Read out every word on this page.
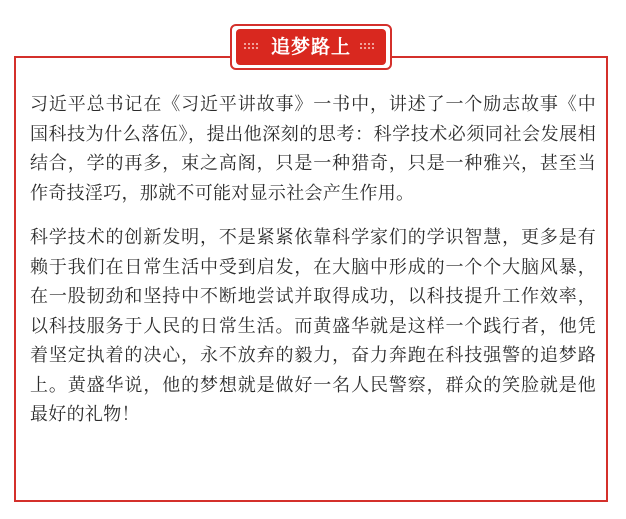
追梦路上

习近平总书记在《习近平讲故事》一书中，讲述了一个励志故事《中国科技为什么落伍》，提出他深刻的思考：科学技术必须同社会发展相结合，学的再多，束之高阁，只是一种猎奇，只是一种雅兴，甚至当作奇技淫巧，那就不可能对显示社会产生作用。

科学技术的创新发明，不是紧紧依靠科学家们的学识智慧，更多是有赖于我们在日常生活中受到启发，在大脑中形成的一个个大脑风暴，在一股韧劲和坚持中不断地尝试并取得成功，以科技提升工作效率，以科技服务于人民的日常生活。而黄盛华就是这样一个践行者，他凭着坚定执着的决心，永不放弃的毅力，奋力奔跑在科技强警的追梦路上。黄盛华说，他的梦想就是做好一名人民警察，群众的笑脸就是他最好的礼物！
